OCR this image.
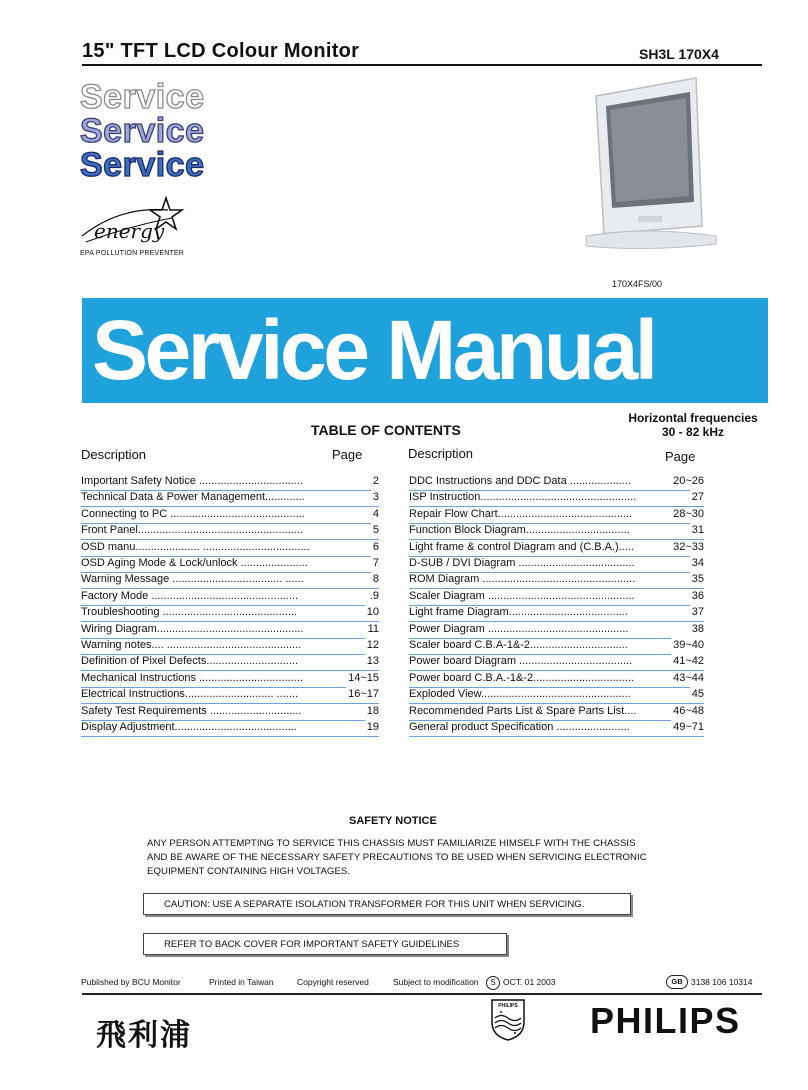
15" TFT LCD Colour Monitor	SH3L 170X4
Service
Service
Service
energy
EPA POLLUTION PREVENTER
170X4FS/00
Service Manual
Horizontal frequencies
30 - 82 kHz
TABLE OF CONTENTS
Description	Page	Description	Page
Important Safety Notice ..................................	2
Technical Data & Power Management.............	3
Connecting to PC ............................................	4
Front Panel......................................................	5
OSD manu..................... ...................................	6
OSD Aging Mode & Lock/unlock ......................	7
Warning Message .................................... ......	8
Factory Mode ................................................	.9
Troubleshooting ............................................	10
Wiring Diagram................................................	11
Warning notes.... ............................................	12
Definition of Pixel Defects..............................	13
Mechanical Instructions ..................................	14~15
Electrical Instructions............................. .......	16~17
Safety Test Requirements ..............................	18
Display Adjustment........................................	19
DDC Instructions and DDC Data ....................	20~26
ISP Instruction...................................................	27
Repair Flow Chart............................................	28~30
Function Block Diagram..................................	31
Light frame & control Diagram and (C.B.A.).....	32~33
D-SUB / DVI Diagram ......................................	34
ROM Diagram ..................................................	35
Scaler Diagram ................................................	36
Light frame Diagram.......................................	37
Power Diagram ..............................................	38
Scaler board C.B.A-1&-2................................	39~40
Power board Diagram .....................................	41~42
Power board C.B.A.-1&-2.................................	43~44
Exploded View.................................................	45
Recommended Parts List & Spare Parts List....	46~48
General product Specification ........................	49~71
SAFETY NOTICE
ANY PERSON ATTEMPTING TO SERVICE THIS CHASSIS MUST FAMILIARIZE HIMSELF WITH THE CHASSIS
AND BE AWARE OF THE NECESSARY SAFETY PRECAUTIONS TO BE USED WHEN SERVICING ELECTRONIC
EQUIPMENT CONTAINING HIGH VOLTAGES.
CAUTION: USE A SEPARATE ISOLATION TRANSFORMER FOR THIS UNIT WHEN SERVICING.
REFER TO BACK COVER FOR IMPORTANT SAFETY GUIDELINES
Published by BCU Monitor	Printed in Taiwan	Copyright reserved	Subject to modification	S OCT. 01 2003	GB 3138 106 10314
飛利浦
PHILIPS PHILIPS
